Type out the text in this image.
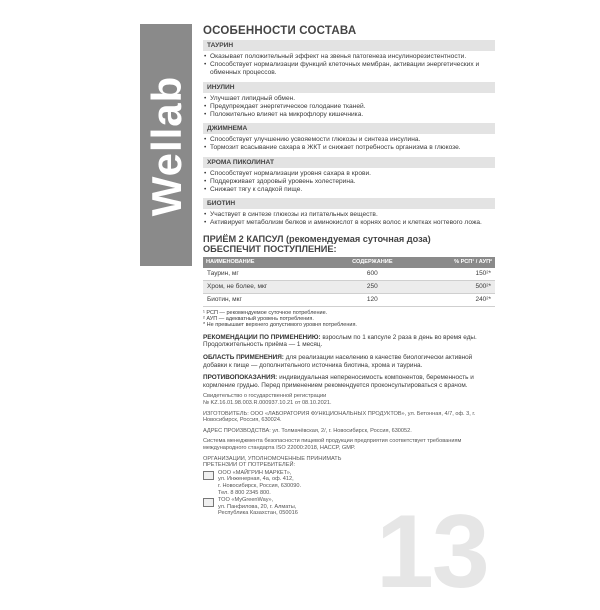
Wellab
13
ОСОБЕННОСТИ СОСТАВА
ТАУРИН
• Оказывает положительный эффект на звенья патогенеза инсулинорезистентности.
• Способствует нормализации функций клеточных мембран, активации энергетических и обменных процессов.
ИНУЛИН
• Улучшает липидный обмен.
• Предупреждает энергетическое голодание тканей.
• Положительно влияет на микрофлору кишечника.
ДЖИМНЕМА
• Способствует улучшению усвояемости глюкозы и синтеза инсулина.
• Тормозит всасывание сахара в ЖКТ и снижает потребность организма в глюкозе.
ХРОМА ПИКОЛИНАТ
• Способствует нормализации уровня сахара в крови.
• Поддерживает здоровый уровень холестерина.
• Снижает тягу к сладкой пище.
БИОТИН
• Участвует в синтезе глюкозы из питательных веществ.
• Активирует метаболизм белков и аминокислот в корнях волос и клетках ногтевого ложа.
ПРИЁМ 2 КАПСУЛ (рекомендуемая суточная доза)
ОБЕСПЕЧИТ ПОСТУПЛЕНИЕ:
НАИМЕНОВАНИЕ	СОДЕРЖАНИЕ	% РСП¹ / АУП²
Таурин, мг	600	150²*
Хром, не более, мкг	250	500²*
Биотин, мкг	120	240²*
¹ РСП — рекомендуемое суточное потребление.
² АУП — адекватный уровень потребления.
* Не превышает верхнего допустимого уровня потребления.
РЕКОМЕНДАЦИИ ПО ПРИМЕНЕНИЮ: взрослым по 1 капсуле 2 раза в день во время еды. Продолжительность приёма — 1 месяц.
ОБЛАСТЬ ПРИМЕНЕНИЯ: для реализации населению в качестве биологически активной добавки к пище — дополнительного источника биотина, хрома и таурина.
ПРОТИВОПОКАЗАНИЯ: индивидуальная непереносимость компонентов, беременность и кормление грудью. Перед применением рекомендуется проконсультироваться с врачом.
Свидетельство о государственной регистрации
№ KZ.16.01.98.003.R.000937.10.21 от 08.10.2021.
ИЗГОТОВИТЕЛЬ: ООО «ЛАБОРАТОРИЯ ФУНКЦИОНАЛЬНЫХ ПРОДУКТОВ», ул. Бетонная, 4/7, оф. 3, г. Новосибирск, Россия, 630024.
АДРЕС ПРОИЗВОДСТВА: ул. Толмачёвская, 2/, г. Новосибирск, Россия, 630052.
Система менеджмента безопасности пищевой продукции предприятия соответствует требованиям международного стандарта ISO 22000:2018, HACCP, GMP.
ОРГАНИЗАЦИИ, УПОЛНОМОЧЕННЫЕ ПРИНИМАТЬ ПРЕТЕНЗИИ ОТ ПОТРЕБИТЕЛЕЙ:
ООО «МАЙГРИН МАРКЕТ»,
ул. Инженерная, 4а, оф. 412,
г. Новосибирск, Россия, 630090.
Тел. 8 800 2345 800.
ТОО «MyGreenWay»,
ул. Панфилова, 20, г. Алматы,
Республика Казахстан, 050016
